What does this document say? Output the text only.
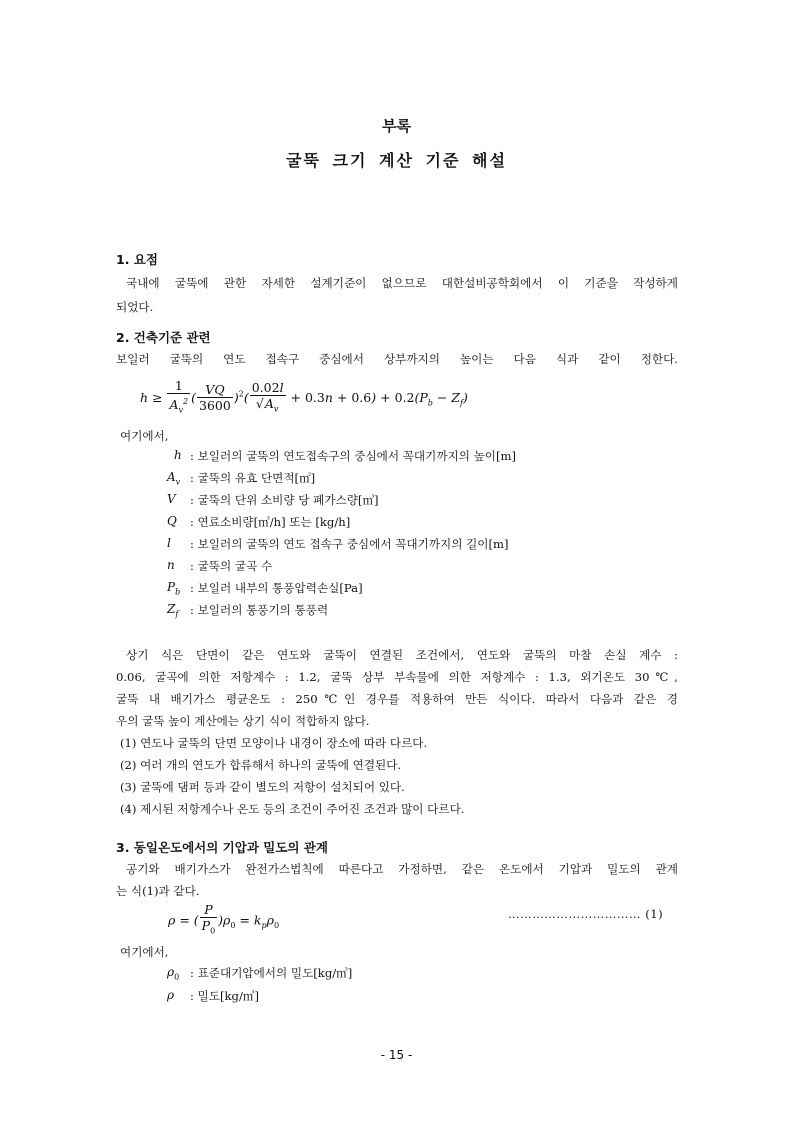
부록
굴뚝 크기 계산 기준 해설
1. 요점
국내에 굴뚝에 관한 자세한 설계기준이 없으므로 대한설비공학회에서 이 기준을 작성하게
되었다.
2. 건축기준 관련
보일러 굴뚝의 연도 접속구 중심에서 상부까지의 높이는 다음 식과 같이 정한다.
$h \ge \frac{1}{A_v^2}$ ( $\frac{VQ}{3600} )^2( \frac{0.02l}{√A_v} + 0.3n + 0.6) + 0.2(P_b - Z_f)$
여기에서,
h : 보일러의 굴뚝의 연도접속구의 중심에서 꼭대기까지의 높이[m]
$A_v$ : 굴뚝의 유효 단면적[㎡]
V : 굴뚝의 단위 소비량 당 폐가스량[㎥]
Q : 연료소비량[㎥/h] 또는 [kg/h]
l : 보일러의 굴뚝의 연도 접속구 중심에서 꼭대기까지의 길이[m]
n : 굴뚝의 굴곡 수
$P_b$ : 보일러 내부의 통풍압력손실[Pa]
$Z_f$ : 보일러의 통풍기의 통풍력
상기 식은 단면이 같은 연도와 굴뚝이 연결된 조건에서, 연도와 굴뚝의 마찰 손실 계수 :
0.06, 굴곡에 의한 저항계수 : 1.2, 굴뚝 상부 부속물에 의한 저항계수 : 1.3, 외기온도 30℃,
굴뚝 내 배기가스 평균온도 : 250℃인 경우를 적용하여 만든 식이다. 따라서 다음과 같은 경
우의 굴뚝 높이 계산에는 상기 식이 적합하지 않다.
(1) 연도나 굴뚝의 단면 모양이나 내경이 장소에 따라 다르다.
(2) 여러 개의 연도가 합류해서 하나의 굴뚝에 연결된다.
(3) 굴뚝에 댐퍼 등과 같이 별도의 저항이 설치되어 있다.
(4) 제시된 저항계수나 온도 등의 조건이 주어진 조건과 많이 다르다.
3. 동일온도에서의 기압과 밀도의 관계
공기와 배기가스가 완전가스법칙에 따른다고 가정하면, 같은 온도에서 기압과 밀도의 관계
는 식(1)과 같다.
ρ = ( $\frac{P}{P_0} )\rho_0 = k_p\rho_0$
…………………………… (1)
여기에서,
$\rho_0$ : 표준대기압에서의 밀도[kg/㎥]
ρ : 밀도[kg/㎥]
- 15 -
